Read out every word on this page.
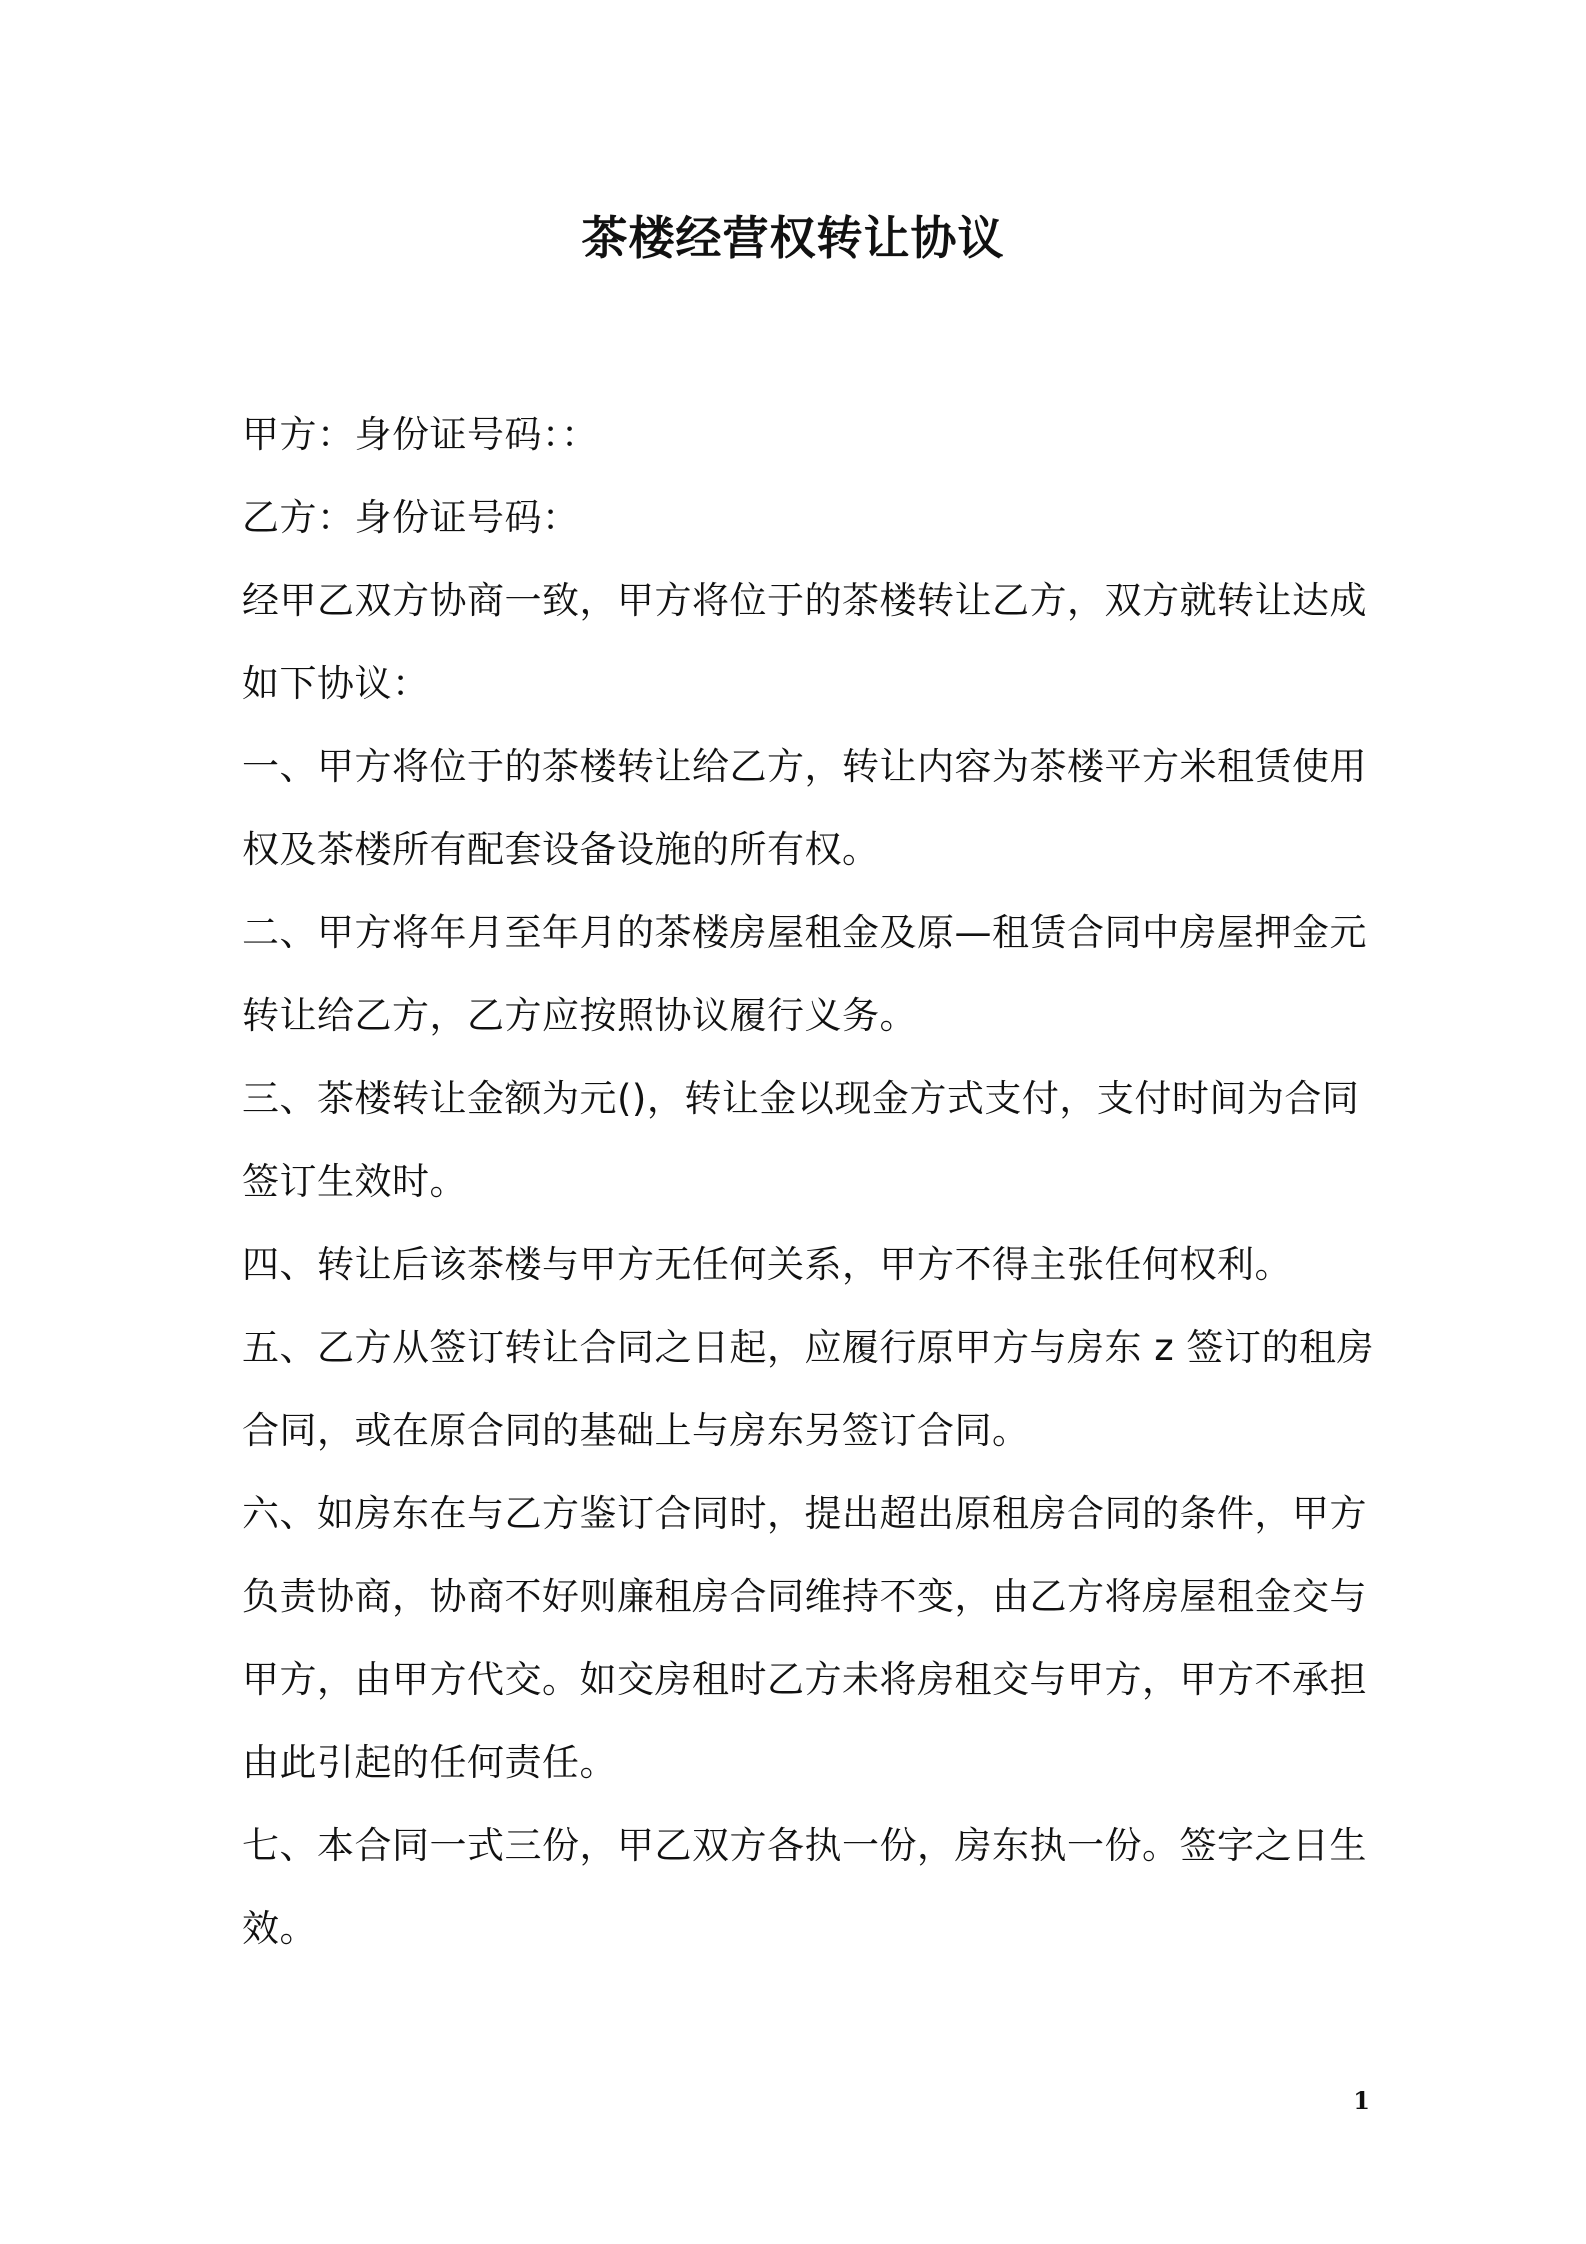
茶楼经营权转让协议
甲方：身份证号码：：
乙方：身份证号码：
经甲乙双方协商一致，甲方将位于的茶楼转让乙方，双方就转让达成
如下协议：
一、甲方将位于的茶楼转让给乙方，转让内容为茶楼平方米租赁使用
权及茶楼所有配套设备设施的所有权。
二、甲方将年月至年月的茶楼房屋租金及原—租赁合同中房屋押金元
转让给乙方，乙方应按照协议履行义务。
三、茶楼转让金额为元()，转让金以现金方式支付，支付时间为合同
签订生效时。
四、转让后该茶楼与甲方无任何关系，甲方不得主张任何权利。
五、乙方从签订转让合同之日起，应履行原甲方与房东 z 签订的租房
合同，或在原合同的基础上与房东另签订合同。
六、如房东在与乙方鉴订合同时，提出超出原租房合同的条件，甲方
负责协商，协商不好则廉租房合同维持不变，由乙方将房屋租金交与
甲方，由甲方代交。如交房租时乙方未将房租交与甲方，甲方不承担
由此引起的任何责任。
七、本合同一式三份，甲乙双方各执一份，房东执一份。签字之日生
效。
1
